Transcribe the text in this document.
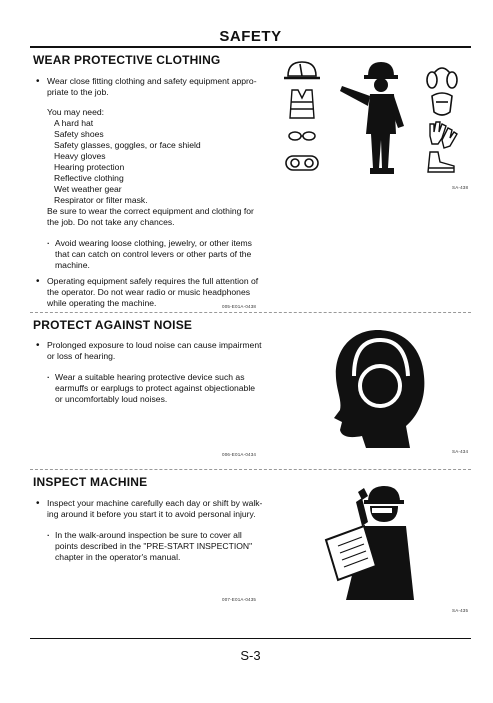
SAFETY
WEAR PROTECTIVE CLOTHING

• Wear close fitting clothing and safety equipment appro-

priate to the job.

You may need:

A hard hat

Safety shoes

Safety glasses, goggles, or face shield

Heavy gloves

Hearing protection

Reflective clothing

Wet weather gear

Respirator or filter mask.

Be sure to wear the correct equipment and clothing for

the job. Do not take any chances.

· Avoid wearing loose clothing, jewelry, or other items

that can catch on control levers or other parts of the

machine.

• Operating equipment safely requires the full attention of

the operator. Do not wear radio or music headphones

while operating the machine.	005-E01A-0438
SA-438
PROTECT AGAINST NOISE

• Prolonged exposure to loud noise can cause impairment

or loss of hearing.

· Wear a suitable hearing protective device such as

earmuffs or earplugs to protect against objectionable

or uncomfortably loud noises.

006-E01A-0434
SA-434
INSPECT MACHINE

• Inspect your machine carefully each day or shift by walk-

ing around it before you start it to avoid personal injury.

· In the walk-around inspection be sure to cover all

points described in the "PRE-START INSPECTION"

chapter in the operator's manual.

007-E01A-0435
SA-435
S-3
